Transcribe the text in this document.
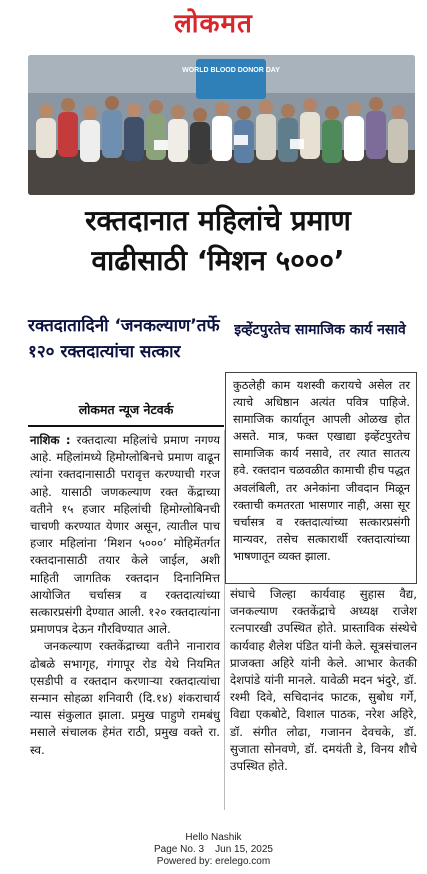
लोकमत
WORLD BLOOD DONOR DAY
रक्तदानात महिलांचे प्रमाण
वाढीसाठी ‘मिशन ५०००’
रक्तदातादिनी ‘जनकल्याण’तर्फे १२० रक्तदात्यांचा सत्कार
लोकमत न्यूज नेटवर्क

नाशिक : रक्तदात्या महिलांचे प्रमाण नगण्य आहे. महिलांमध्ये हिमोग्लोबिनचे प्रमाण वाढून त्यांना रक्तदानासाठी परावृत्त करण्याची गरज आहे. यासाठी जणकल्याण रक्त केंद्राच्या वतीने १५ हजार महिलांची हिमोग्लोबिनची चाचणी करण्यात येणार असून, त्यातील पाच हजार महिलांना ‘मिशन ५०००’ मोहिमेंतर्गत रक्तदानासाठी तयार केले जाईल, अशी माहिती जागतिक रक्तदान दिनानिमित्त आयोजित चर्चासत्र व रक्तदात्यांच्या सत्कारप्रसंगी देण्यात आली. १२० रक्तदात्यांना प्रमाणपत्र देऊन गौरविण्यात आले.

जनकल्याण रक्तकेंद्राच्या वतीने नानाराव ढोबळे सभागृह, गंगापूर रोड येथे नियमित एसडीपी व रक्तदान करणाऱ्या रक्तदात्यांचा सन्मान सोहळा शनिवारी (दि.१४) शंकराचार्य न्यास संकुलात झाला. प्रमुख पाहुणे रामबंधु मसाले संचालक हेमंत राठी, प्रमुख वक्ते रा. स्व.

इव्हेंटपुरतेच सामाजिक कार्य नसावे

कुठलेही काम यशस्वी करायचे असेल तर त्याचे अधिष्ठान अत्यंत पवित्र पाहिजे. सामाजिक कार्यातून आपली ओळख होत असते. मात्र, फक्त एखाद्या इव्हेंटपुरतेच सामाजिक कार्य नसावे, तर त्यात सातत्य हवे. रक्तदान चळवळीत कामाची हीच पद्धत अवलंबिली, तर अनेकांना जीवदान मिळून रक्ताची कमतरता भासणार नाही, असा सूर चर्चासत्र व रक्तदात्यांच्या सत्कारप्रसंगी मान्यवर, तसेच सत्कारार्थी रक्तदात्यांच्या भाषणातून व्यक्त झाला.

संघाचे जिल्हा कार्यवाह सुहास वैद्य, जनकल्याण रक्तकेंद्राचे अध्यक्ष राजेश रत्नपारखी उपस्थित होते. प्रास्ताविक संस्थेचे कार्यवाह शैलेश पंडित यांनी केले. सूत्रसंचालन प्राजक्ता अहिरे यांनी केले. आभार केतकी देशपांडे यांनी मानले. यावेळी मदन भंदुरे, डॉ. रश्मी दिवे, सचिदानंद फाटक, सुबोध गर्गे, विद्या एकबोटे, विशाल पाठक, नरेश अहिरे, डॉ. संगीत लोढा, गजानन देवचके, डॉ. सुजाता सोनवणे, डॉ. दमयंती डे, विनय शौचे उपस्थित होते.

Hello Nashik
Page No. 3    Jun 15, 2025
Powered by: erelego.com
